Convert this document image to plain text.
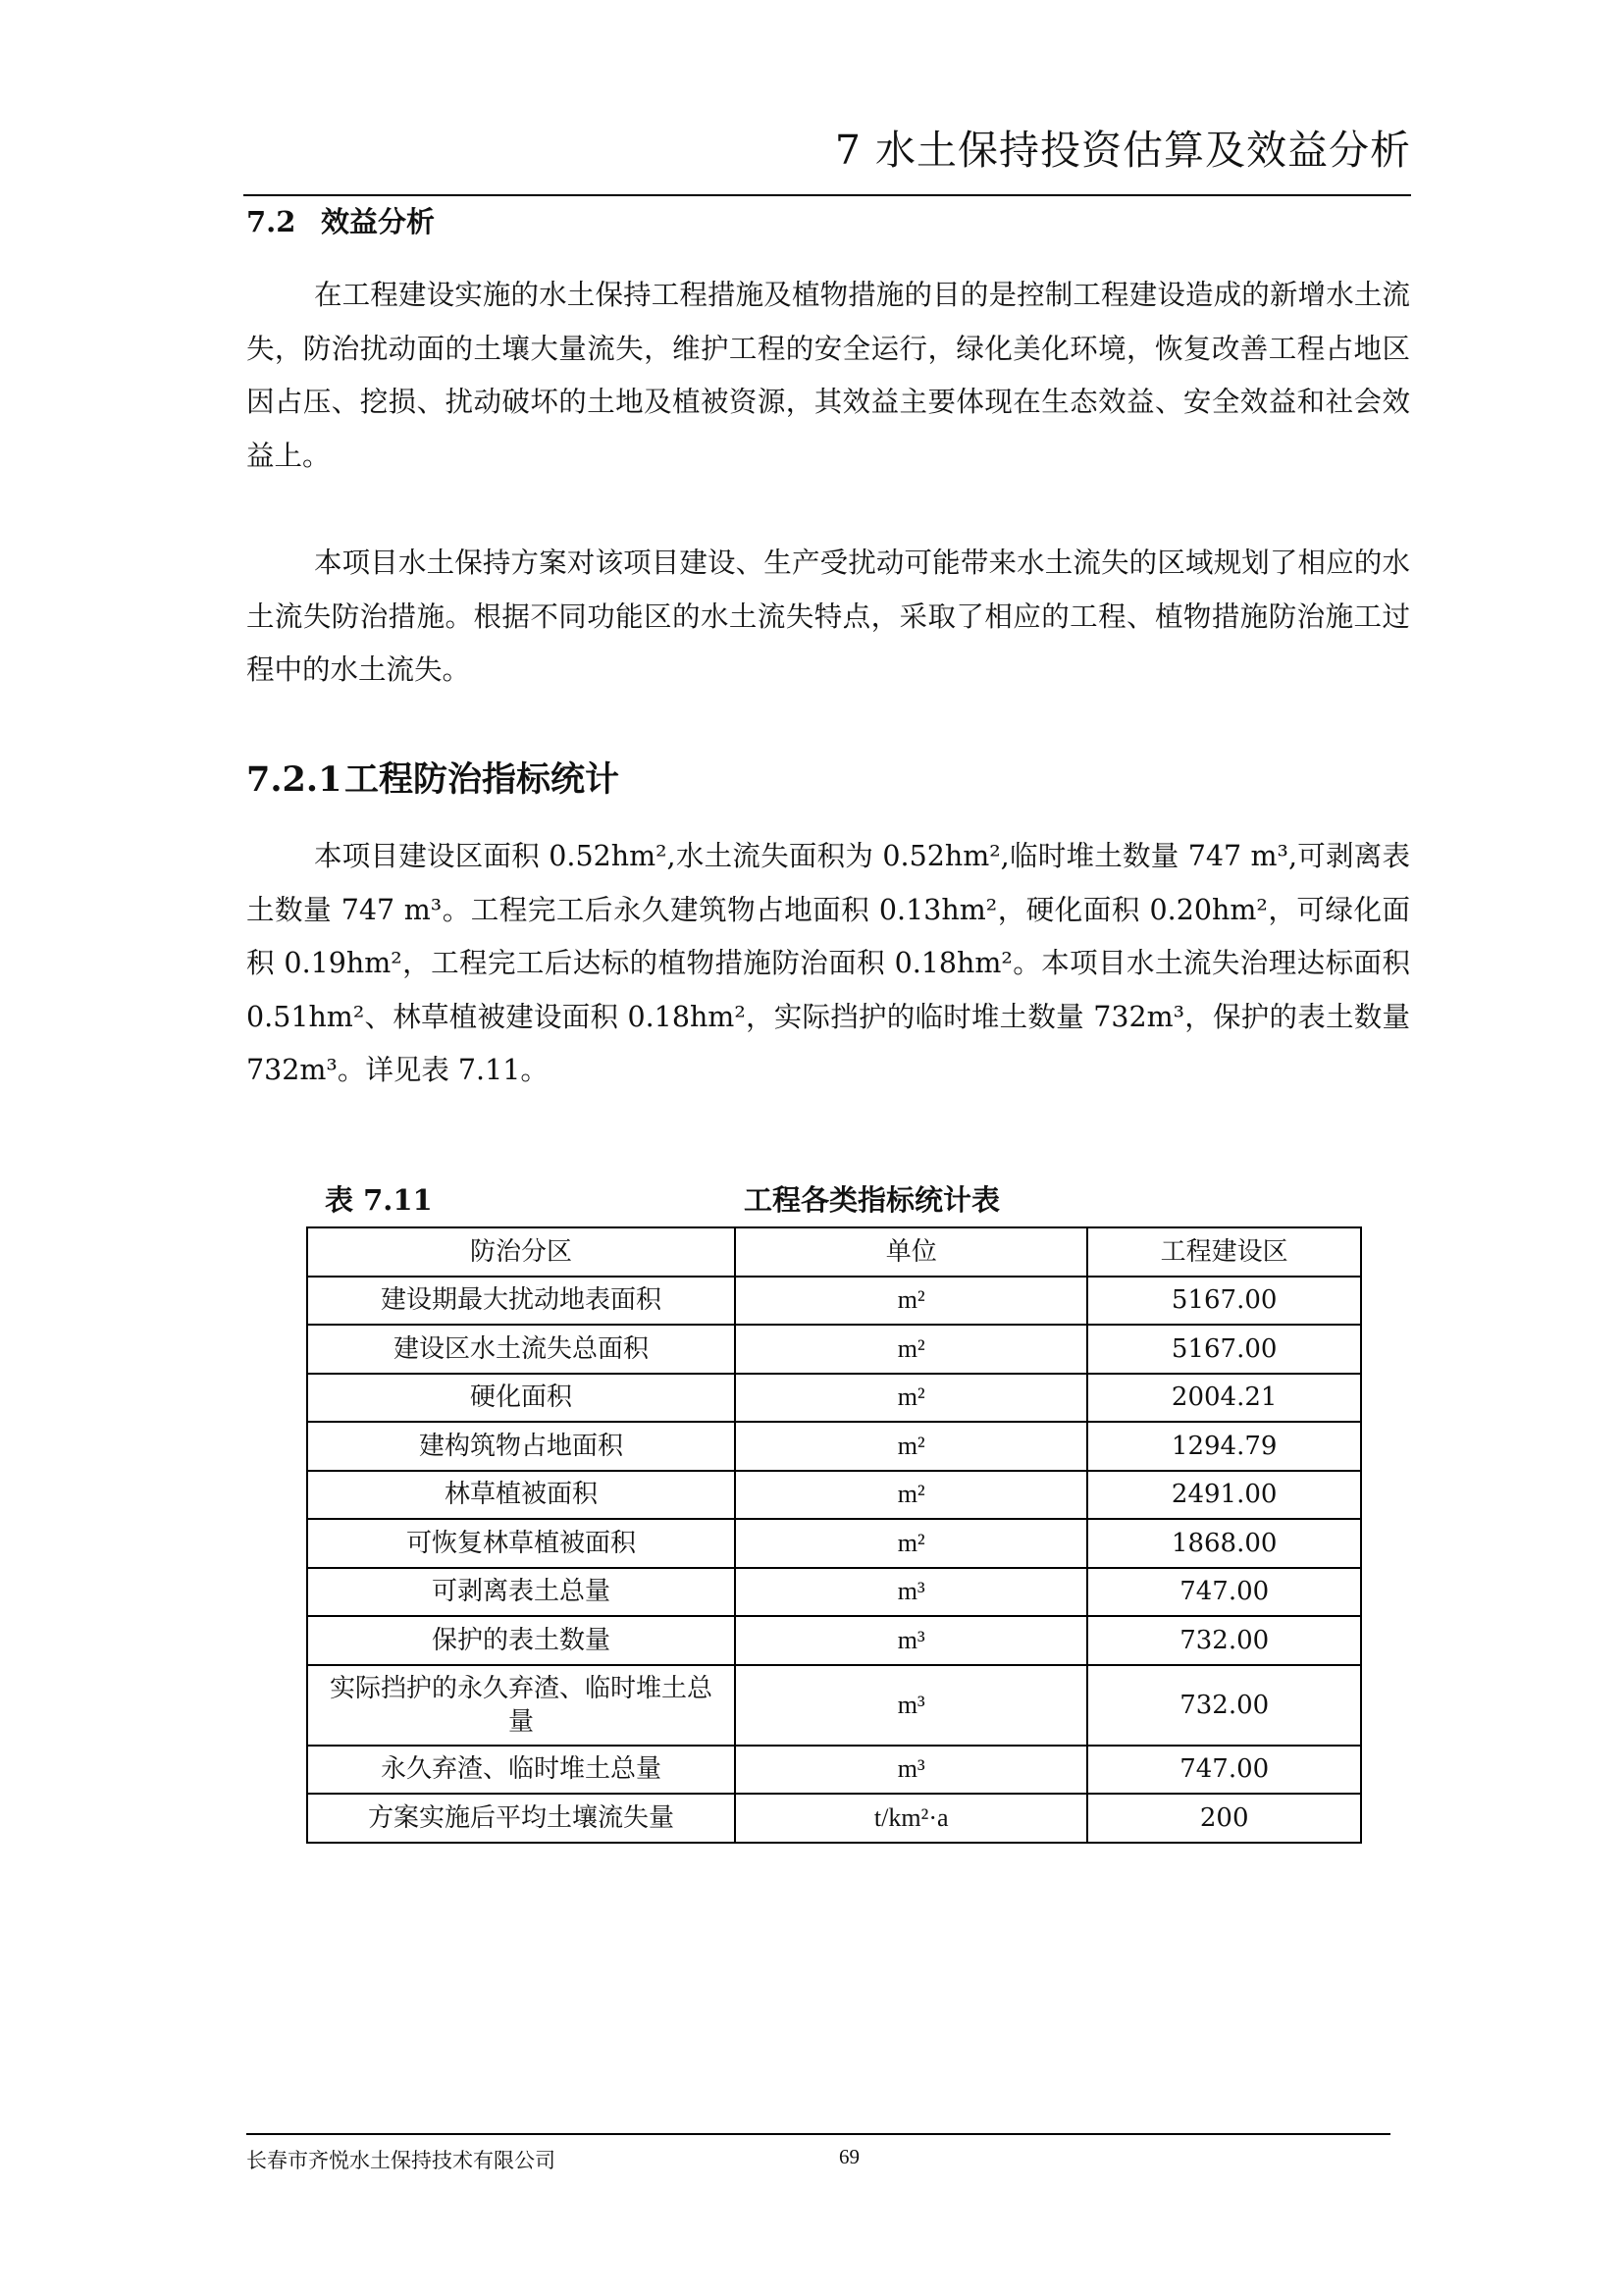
7 水土保持投资估算及效益分析
7.2 效益分析

在工程建设实施的水土保持工程措施及植物措施的目的是控制工程建设造成的新增水土流失，防治扰动面的土壤大量流失，维护工程的安全运行，绿化美化环境，恢复改善工程占地区因占压、挖损、扰动破坏的土地及植被资源，其效益主要体现在生态效益、安全效益和社会效益上。

本项目水土保持方案对该项目建设、生产受扰动可能带来水土流失的区域规划了相应的水土流失防治措施。根据不同功能区的水土流失特点，采取了相应的工程、植物措施防治施工过程中的水土流失。

7.2.1工程防治指标统计

本项目建设区面积 0.52hm²,水土流失面积为 0.52hm²,临时堆土数量 747 m³,可剥离表土数量 747 m³。工程完工后永久建筑物占地面积 0.13hm²，硬化面积 0.20hm²，可绿化面积 0.19hm²，工程完工后达标的植物措施防治面积 0.18hm²。本项目水土流失治理达标面积 0.51hm²、林草植被建设面积 0.18hm²，实际挡护的临时堆土数量 732m³，保护的表土数量 732m³。详见表 7.11。

表 7.11	工程各类指标统计表
防治分区	单位	工程建设区
建设期最大扰动地表面积	m²	5167.00
建设区水土流失总面积	m²	5167.00
硬化面积	m²	2004.21
建构筑物占地面积	m²	1294.79
林草植被面积	m²	2491.00
可恢复林草植被面积	m²	1868.00
可剥离表土总量	m³	747.00
保护的表土数量	m³	732.00
实际挡护的永久弃渣、临时堆土总量	m³	732.00
永久弃渣、临时堆土总量	m³	747.00
方案实施后平均土壤流失量	t/km²·a	200
长春市齐悦水土保持技术有限公司	69
